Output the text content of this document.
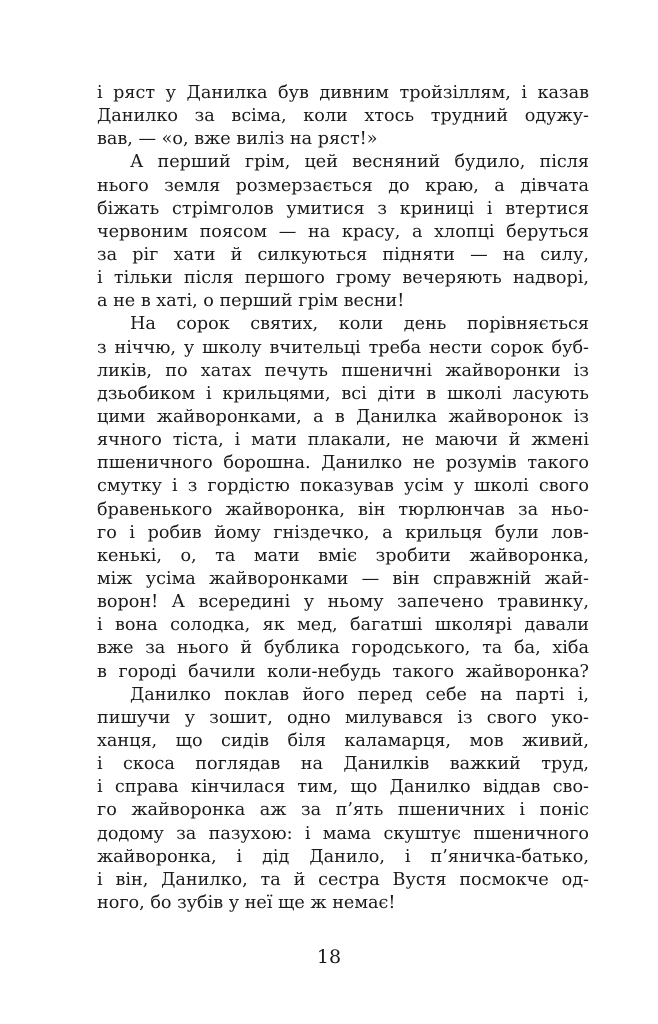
і ряст у Данилка був дивним тройзіллям, і казав
Данилко за всіма, коли хтось трудний одужу-
вав, — «о, вже виліз на ряст!»
А перший грім, цей весняний будило, після
нього земля розмерзається до краю, а дівчата
біжать стрімголов умитися з криниці і втертися
червоним поясом — на красу, а хлопці беруться
за ріг хати й силкуються підняти — на силу,
і тільки після першого грому вечеряють надворі,
а не в хаті, о перший грім весни!
На сорок святих, коли день порівняється
з ніччю, у школу вчительці треба нести сорок буб-
ликів, по хатах печуть пшеничні жайворонки із
дзьобиком і крильцями, всі діти в школі ласують
цими жайворонками, а в Данилка жайворонок із
ячного тіста, і мати плакали, не маючи й жмені
пшеничного борошна. Данилко не розумів такого
смутку і з гордістю показував усім у школі свого
бравенького жайворонка, він тюрлюнчав за ньо-
го і робив йому гніздечко, а крильця були лов-
кенькі, о, та мати вміє зробити жайворонка,
між усіма жайворонками — він справжній жай-
ворон! А всередині у ньому запечено травинку,
і вона солодка, як мед, багатші школярі давали
вже за нього й бублика городського, та ба, хіба
в городі бачили коли-небудь такого жайворонка?
Данилко поклав його перед себе на парті і,
пишучи у зошит, одно милувався із свого уко-
ханця, що сидів біля каламарця, мов живий,
і скоса поглядав на Данилків важкий труд,
і справа кінчилася тим, що Данилко віддав сво-
го жайворонка аж за п’ять пшеничних і поніс
додому за пазухою: і мама скуштує пшеничного
жайворонка, і дід Данило, і п’яничка-батько,
і він, Данилко, та й сестра Вустя посмокче од-
ного, бо зубів у неї ще ж немає!
18
